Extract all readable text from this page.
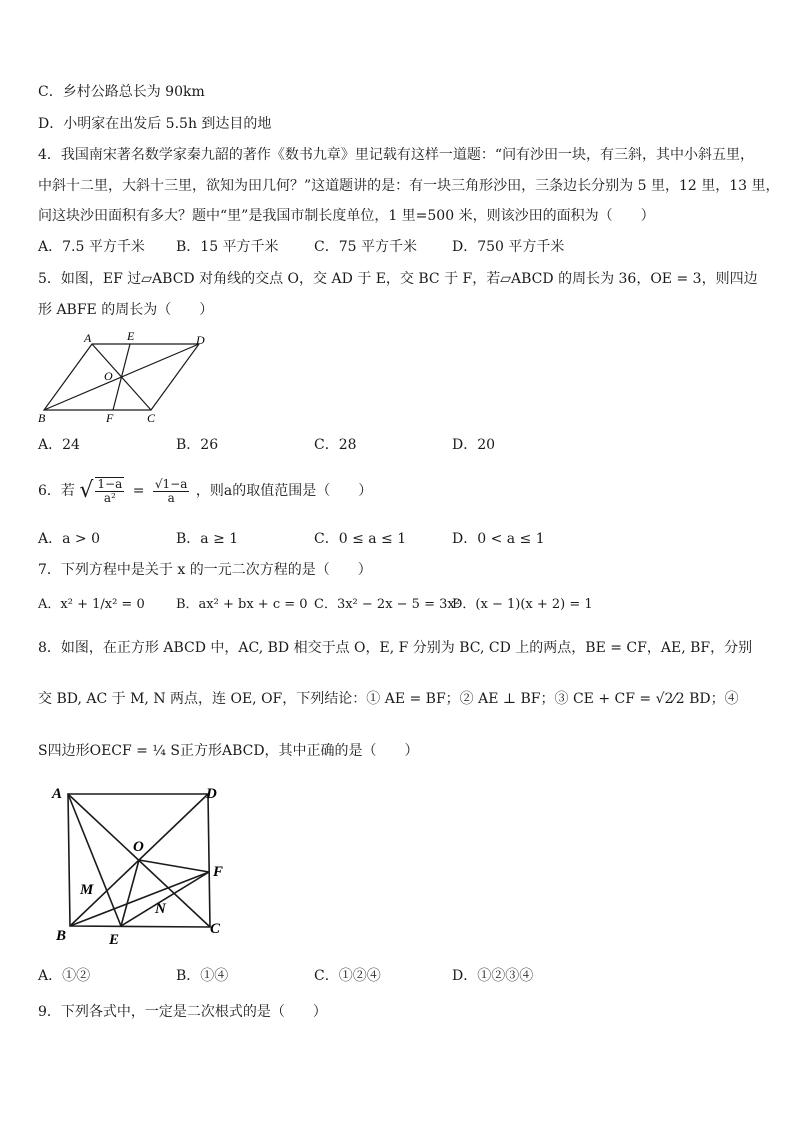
C．乡村公路总长为 90km
D．小明家在出发后 5.5h 到达目的地
4．我国南宋著名数学家秦九韶的著作《数书九章》里记载有这样一道题：“问有沙田一块，有三斜，其中小斜五里，
中斜十二里，大斜十三里，欲知为田几何？”这道题讲的是：有一块三角形沙田，三条边长分别为 5 里，12 里，13 里，
问这块沙田面积有多大？题中“里”是我国市制长度单位，1 里=500 米，则该沙田的面积为（　　）
A．7.5 平方千米 B．15 平方千米	C．75 平方千米	D．750 平方千米
5．如图，EF 过▱ABCD 对角线的交点 O，交 AD 于 E，交 BC 于 F，若▱ABCD 的周长为 36，OE = 3，则四边
形 ABFE 的周长为（　　）
A	E	D
O
B	F	C
A．24	B．26	C．28	D．20
6．若 √ $\frac{1-a}{\text{a²}} = \frac{√1-a}{a}$ ，则a的取值范围是（　　）
A．a > 0	B．a ≥ 1	C．0 ≤ a ≤ 1	D．0 < a ≤ 1
7．下列方程中是关于 x 的一元二次方程的是（　　）
A．x² + 1/x² = 0 B．ax² + bx + c = 0 C．3x² − 2x − 5 = 3x²
D．(x − 1)(x + 2) = 1
8．如图，在正方形 ABCD 中，AC, BD 相交于点 O，E, F 分别为 BC, CD 上的两点，BE = CF，AE, BF，分别
交 BD, AC 于 M, N 两点，连 OE, OF，下列结论：① AE = BF；② AE ⊥ BF；③ CE + CF = √2⁄2 BD；④
S四边形OECF = ¼ S正方形ABCD，其中正确的是（　　）
A	D
O
F
M
N
B	E
C
A．①②	B．①④	C．①②④	D．①②③④
9．下列各式中，一定是二次根式的是（　　）
